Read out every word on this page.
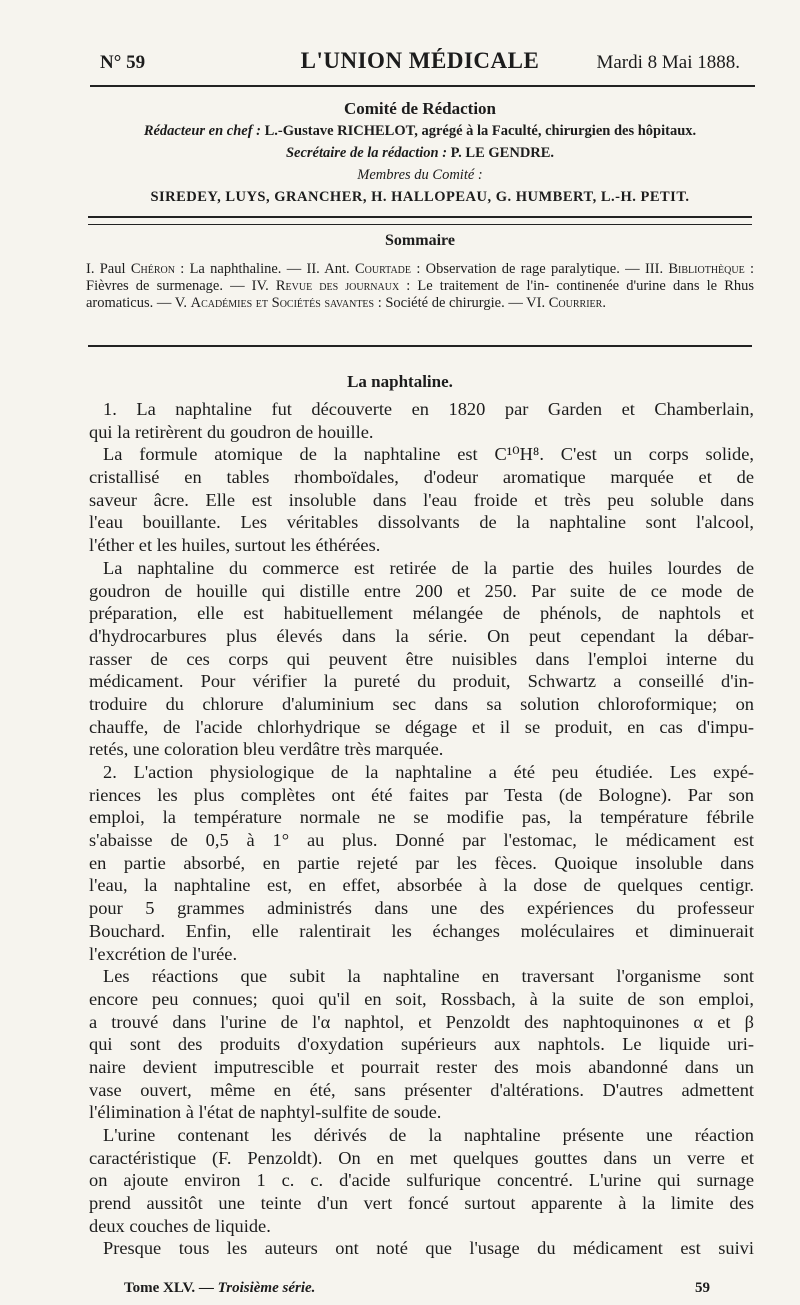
N° 59	L'UNION MÉDICALE	Mardi 8 Mai 1888.
Comité de Rédaction
Rédacteur en chef : L.-Gustave RICHELOT, agrégé à la Faculté, chirurgien des hôpitaux.
Secrétaire de la rédaction : P. LE GENDRE.
Membres du Comité :
SIREDEY, LUYS, GRANCHER, H. HALLOPEAU, G. HUMBERT, L.-H. PETIT.
Sommaire
I. Paul Chéron : La naphthaline. — II. Ant. Courtade : Observation de rage paralytique. — III. Bibliothèque : Fièvres de surmenage. — IV. Revue des journaux : Le traitement de l'in- continenée d'urine dans le Rhus aromaticus. — V. Académies et Sociétés savantes : Société de chirurgie. — VI. Courrier.
La naphtaline.
1. La naphtaline fut découverte en 1820 par Garden et Chamberlain,
qui la retirèrent du goudron de houille.
La formule atomique de la naphtaline est C¹⁰H⁸. C'est un corps solide,
cristallisé en tables rhomboïdales, d'odeur aromatique marquée et de
saveur âcre. Elle est insoluble dans l'eau froide et très peu soluble dans
l'eau bouillante. Les véritables dissolvants de la naphtaline sont l'alcool,
l'éther et les huiles, surtout les éthérées.
La naphtaline du commerce est retirée de la partie des huiles lourdes de
goudron de houille qui distille entre 200 et 250. Par suite de ce mode de
préparation, elle est habituellement mélangée de phénols, de naphtols et
d'hydrocarbures plus élevés dans la série. On peut cependant la débar-
rasser de ces corps qui peuvent être nuisibles dans l'emploi interne du
médicament. Pour vérifier la pureté du produit, Schwartz a conseillé d'in-
troduire du chlorure d'aluminium sec dans sa solution chloroformique; on
chauffe, de l'acide chlorhydrique se dégage et il se produit, en cas d'impu-
retés, une coloration bleu verdâtre très marquée.
2. L'action physiologique de la naphtaline a été peu étudiée. Les expé-
riences les plus complètes ont été faites par Testa (de Bologne). Par son
emploi, la température normale ne se modifie pas, la température fébrile
s'abaisse de 0,5 à 1° au plus. Donné par l'estomac, le médicament est
en partie absorbé, en partie rejeté par les fèces. Quoique insoluble dans
l'eau, la naphtaline est, en effet, absorbée à la dose de quelques centigr.
pour 5 grammes administrés dans une des expériences du professeur
Bouchard. Enfin, elle ralentirait les échanges moléculaires et diminuerait
l'excrétion de l'urée.
Les réactions que subit la naphtaline en traversant l'organisme sont
encore peu connues; quoi qu'il en soit, Rossbach, à la suite de son emploi,
a trouvé dans l'urine de l'α naphtol, et Penzoldt des naphtoquinones α et β
qui sont des produits d'oxydation supérieurs aux naphtols. Le liquide uri-
naire devient imputrescible et pourrait rester des mois abandonné dans un
vase ouvert, même en été, sans présenter d'altérations. D'autres admettent
l'élimination à l'état de naphtyl-sulfite de soude.
L'urine contenant les dérivés de la naphtaline présente une réaction
caractéristique (F. Penzoldt). On en met quelques gouttes dans un verre et
on ajoute environ 1 c. c. d'acide sulfurique concentré. L'urine qui surnage
prend aussitôt une teinte d'un vert foncé surtout apparente à la limite des
deux couches de liquide.
Presque tous les auteurs ont noté que l'usage du médicament est suivi
Tome XLV. — Troisième série.	59
